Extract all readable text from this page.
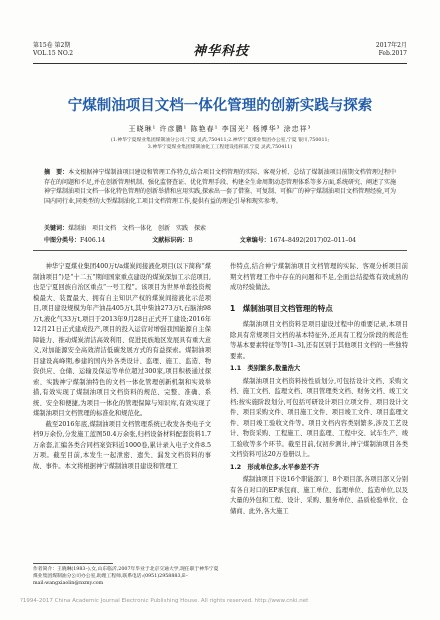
第15卷 第2期
VOL.15 NO.2	神华科技	2017年2月
Feb.2017
宁煤制油项目文档一体化管理的创新实践与探索
王晓琳¹ 许彦鹏¹ 陈艳春¹ 李国光² 杨博华³ 涂忠祥³
(1.神华宁夏煤业集团煤制油分公司,宁夏 灵武,750411;2.神华宁夏煤业集团办公室,宁夏 银川,750011;
3.神华宁夏煤业集团煤制油化工工程建设指挥部,宁夏 灵武,750411)
摘　要：本文根据神宁煤制油项目建设和管理工作特点,结合项目文档管理的实际、客观分析、总结了煤制油项目前期文档管理过程中存在的问题和不足,并在创新管理机制、强化监督查证、优化管理手段、构建全生命周期动态管理体系等多方面,系统研究、阐述了实施神宁煤制油项目文档一体化特色管理的创新举措和应用实践,探索出一套了借鉴、可复制、可推广的神宁煤制油项目文档管理经验,可为国内同行业,同类型的大型煤制油化工项目文档管理工作,提供有益的理论引导和现实参考。
关键词：煤制油　项目文档　文档一体化　创新　实践　探索
中图分类号：F406.14	文献标识码：B	文章编号：1674–8492(2017)02–011–04

神华宁夏煤业集团400万t/a煤炭间接液化项目(以下简称“煤制油项目”)是“十二五”期间国家重点建设的煤炭深加工示范项目,也是宁夏回族自治区重点“一号工程”。该项目为世界单套投资规模最大、装置最大、拥有自主知识产权的煤炭间接液化示范项目,项目建设规模为年产油品405万t,其中柴油273万t,石脑油98万t,液化气33万t,项目于2013年9月28日正式开工建设;2016年12月21日正式建成投产,项目的投入运营对增强我国能源自主保障能力、推动煤炭清洁高效利用、促进民族地区发展具有重大意义,对加能源安全高效清洁低碳发展方式的有益探索。煤制油项目建设高峰期,参建的国内外各类设计、监理、施工、监造、物资供应、仓储、运输及保运等单位超过300家,项目积极通过探索、实践神宁煤制油特色的文档一体化管理创新机制和实效举措,有效实现了煤制油项目文档资料的规范、完整、准确、系统、安全和便捷,为项目一体化的管理保障与知识库,有效实现了煤制油项目文档管理的标准化和规范化。

截至2016年底,煤制油项目文档管理系统已收发各类电子文档9万余份,分发施工蓝图50.4万余张,归档设备材料配套资料1.7万余套,汇编各类合同档案资料近1000卷,累计录入电子文件8.5万项。截至目前,本发生一起泄密、遗失、漏发文档资料的事故、事件。本文将根据神宁煤制油项目建设和管理工

作特点,结合神宁煤制油项目文档管理的实际、客观分析项目前期文档管理工作中存在的问题和不足,全面总结提炼有效成熟的成功经验做法。

1　煤制油项目文档管理的特点

煤制油项目文档资料是项目建设过程中的重要记录,本项目除具有常规项目文档的基本特征外,还具有工程分阶段的规范性等基本要素特征等等[1–3],还有区别于其他项目文档的一些独特要素。

1.1　类别繁多,数量浩大

煤制油项目文档资料按性质划分,可包括设计文档、采购文档、施工文档、监理文档、项目管理类文档、财务文档、竣工文档;按实施阶段划分,可包括可研设计项目立项文件、项目设计文件、项目采购文件、项目施工文件、项目竣工文件、项目监理文件、项目竣工验收文件等。项目文档内容类别繁多,涉及工艺设计、物资采购、工程施工、项目监理、工程中交、试车生产、竣工验收等多个环节。截至目前,仅初步测计,神宁煤制油项目各类文档资料可达20万卷册以上。

1.2　形成单位多,水平参差不齐

煤制油项目下设16个职能部门、8个项目部,各项目部又分别有各自对口的EP承包商、施工单位、监理单位、监造单位,以及大量的外包和工程、设计、采购、服务单位、品质检验单位、仓储商、此外,各大施工

作者简介：王晓琳(1983–),女,山东临沂,2007年毕业于北京交通大学,现任职于神华宁夏煤业集团煤制油分公司办公室,助理工程师,联系电话:(0951)2958883,E–mail:wangxiaolin@nxmy.com
?1994-2017 China Academic Journal Electronic Publishing House. All rights reserved. http://www.cnki.net
